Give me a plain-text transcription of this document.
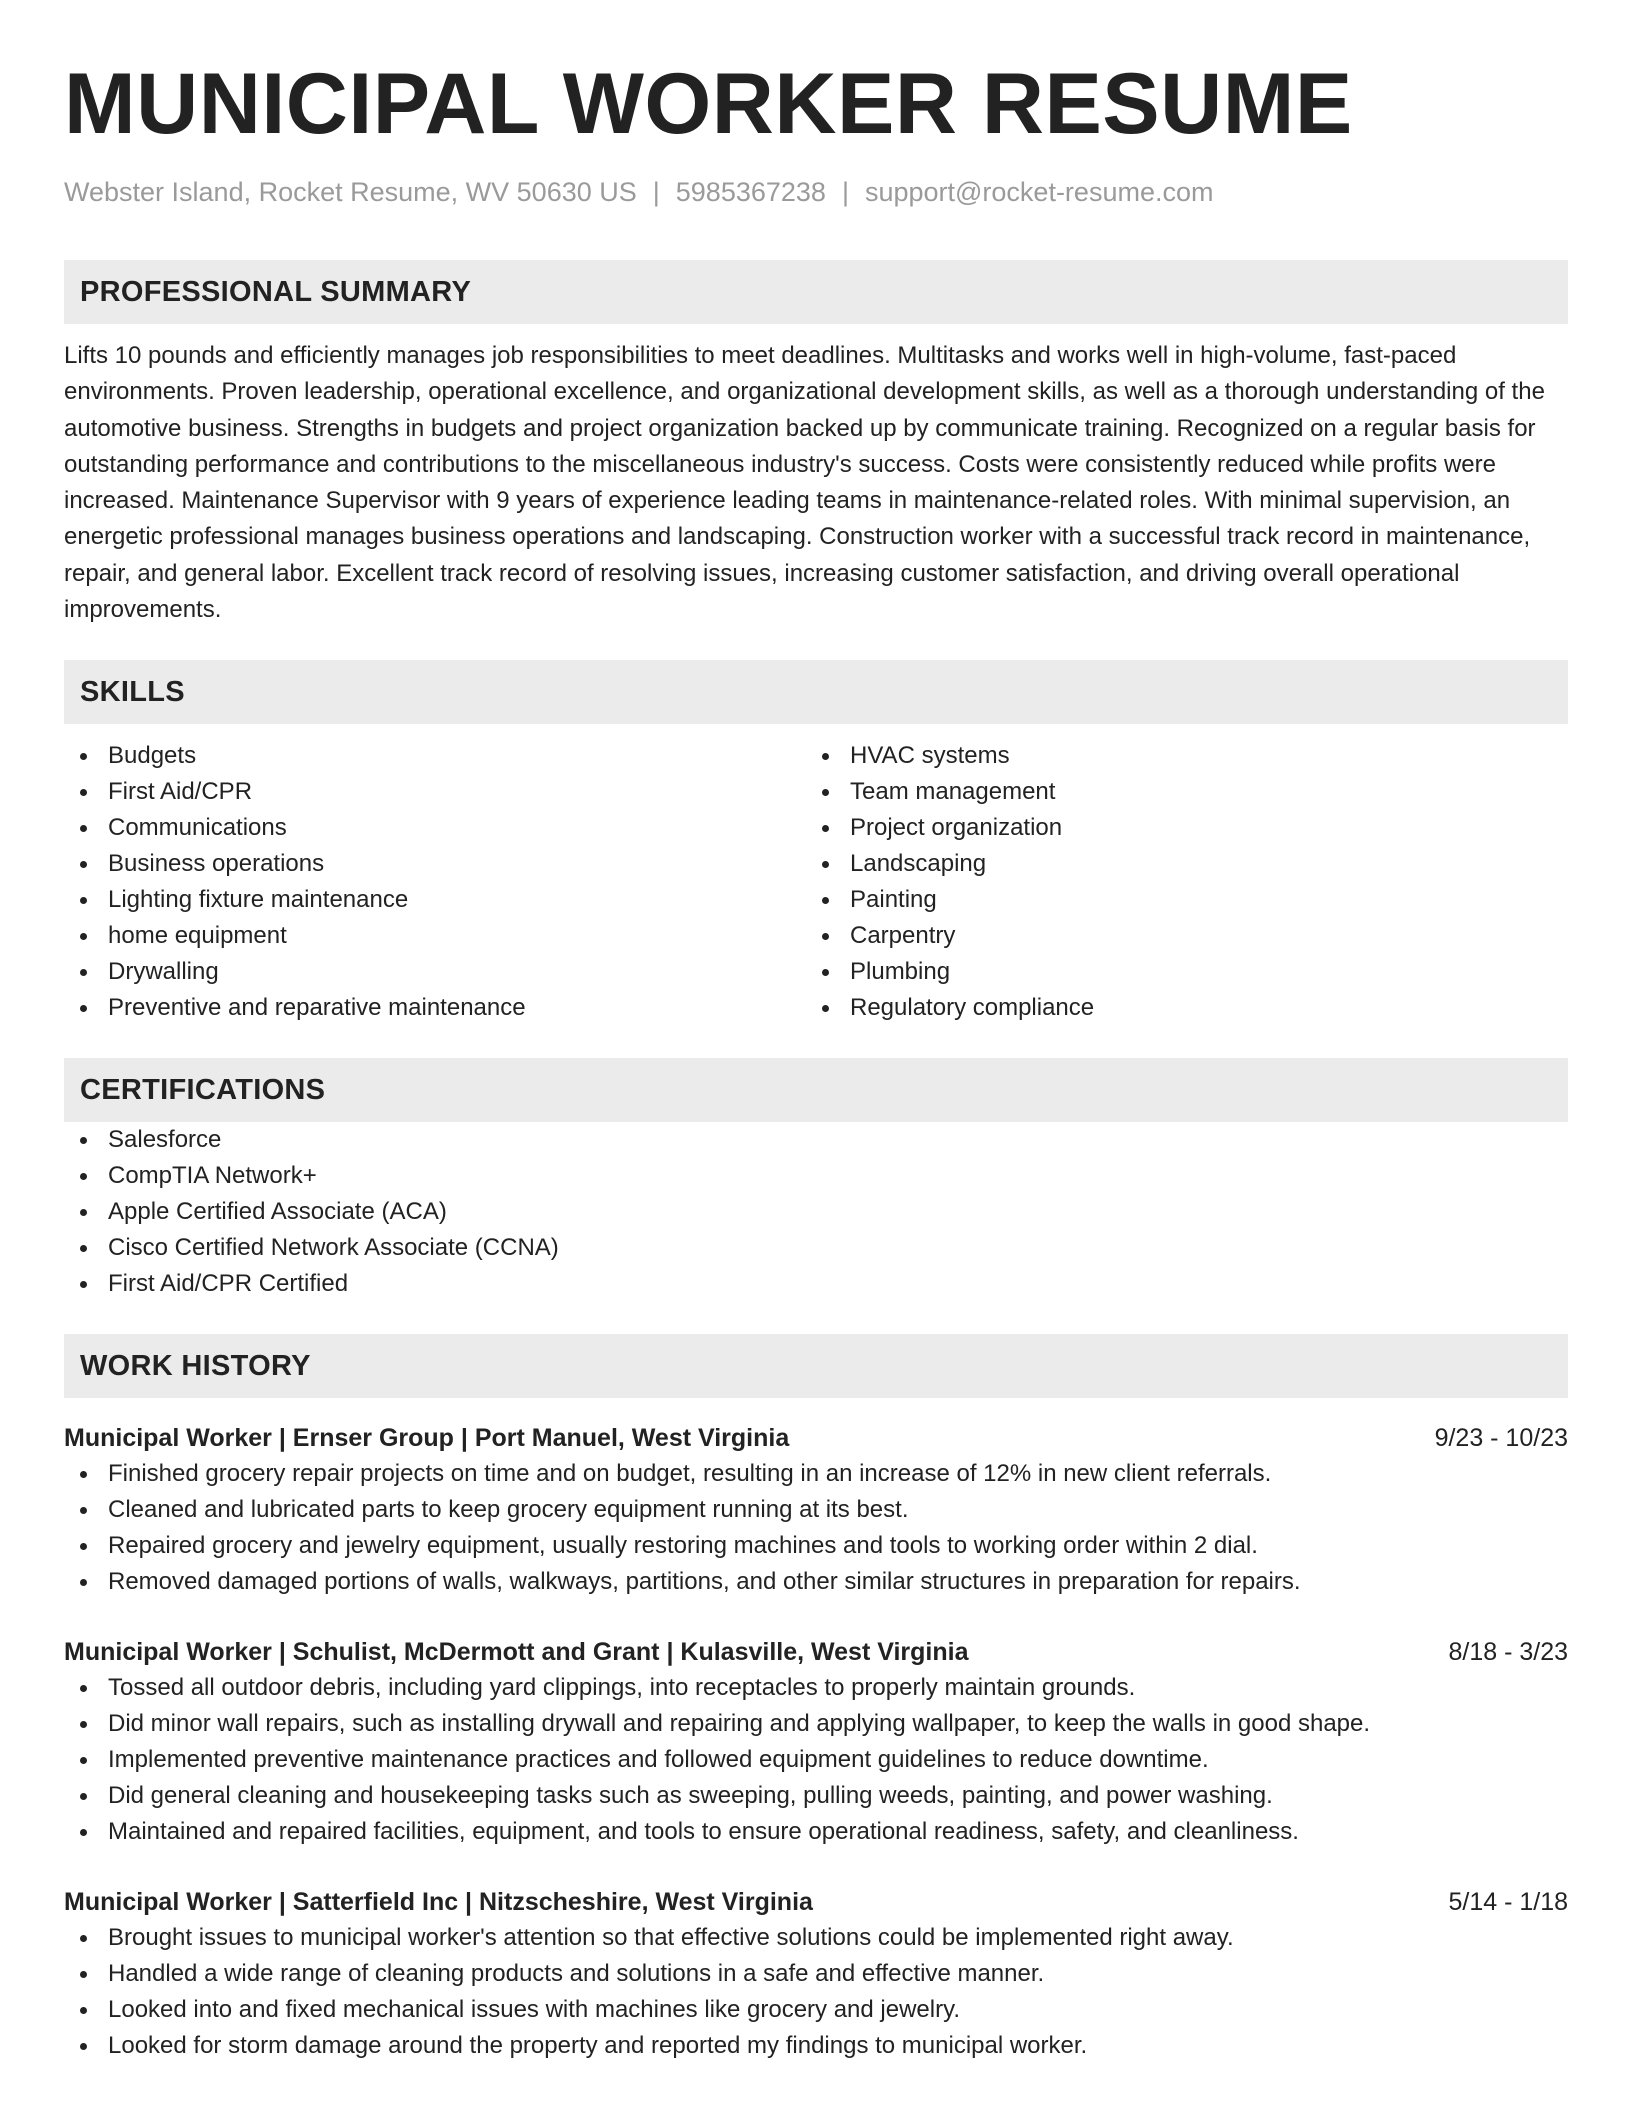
MUNICIPAL WORKER RESUME
Webster Island, Rocket Resume, WV 50630 US | 5985367238 | support@rocket-resume.com
PROFESSIONAL SUMMARY

Lifts 10 pounds and efficiently manages job responsibilities to meet deadlines. Multitasks and works well in high-volume, fast-paced environments. Proven leadership, operational excellence, and organizational development skills, as well as a thorough understanding of the automotive business. Strengths in budgets and project organization backed up by communicate training. Recognized on a regular basis for outstanding performance and contributions to the miscellaneous industry's success. Costs were consistently reduced while profits were increased. Maintenance Supervisor with 9 years of experience leading teams in maintenance-related roles. With minimal supervision, an energetic professional manages business operations and landscaping. Construction worker with a successful track record in maintenance, repair, and general labor. Excellent track record of resolving issues, increasing customer satisfaction, and driving overall operational improvements.

SKILLS
Budgets
First Aid/CPR
Communications
Business operations
Lighting fixture maintenance
home equipment
Drywalling
Preventive and reparative maintenance
HVAC systems
Team management
Project organization
Landscaping
Painting
Carpentry
Plumbing
Regulatory compliance
CERTIFICATIONS
Salesforce
CompTIA Network+
Apple Certified Associate (ACA)
Cisco Certified Network Associate (CCNA)
First Aid/CPR Certified
WORK HISTORY
Municipal Worker | Ernser Group | Port Manuel, West Virginia	9/23 - 10/23
Finished grocery repair projects on time and on budget, resulting in an increase of 12% in new client referrals.
Cleaned and lubricated parts to keep grocery equipment running at its best.
Repaired grocery and jewelry equipment, usually restoring machines and tools to working order within 2 dial.
Removed damaged portions of walls, walkways, partitions, and other similar structures in preparation for repairs.
Municipal Worker | Schulist, McDermott and Grant | Kulasville, West Virginia	8/18 - 3/23
Tossed all outdoor debris, including yard clippings, into receptacles to properly maintain grounds.
Did minor wall repairs, such as installing drywall and repairing and applying wallpaper, to keep the walls in good shape.
Implemented preventive maintenance practices and followed equipment guidelines to reduce downtime.
Did general cleaning and housekeeping tasks such as sweeping, pulling weeds, painting, and power washing.
Maintained and repaired facilities, equipment, and tools to ensure operational readiness, safety, and cleanliness.
Municipal Worker | Satterfield Inc | Nitzscheshire, West Virginia	5/14 - 1/18
Brought issues to municipal worker's attention so that effective solutions could be implemented right away.
Handled a wide range of cleaning products and solutions in a safe and effective manner.
Looked into and fixed mechanical issues with machines like grocery and jewelry.
Looked for storm damage around the property and reported my findings to municipal worker.
